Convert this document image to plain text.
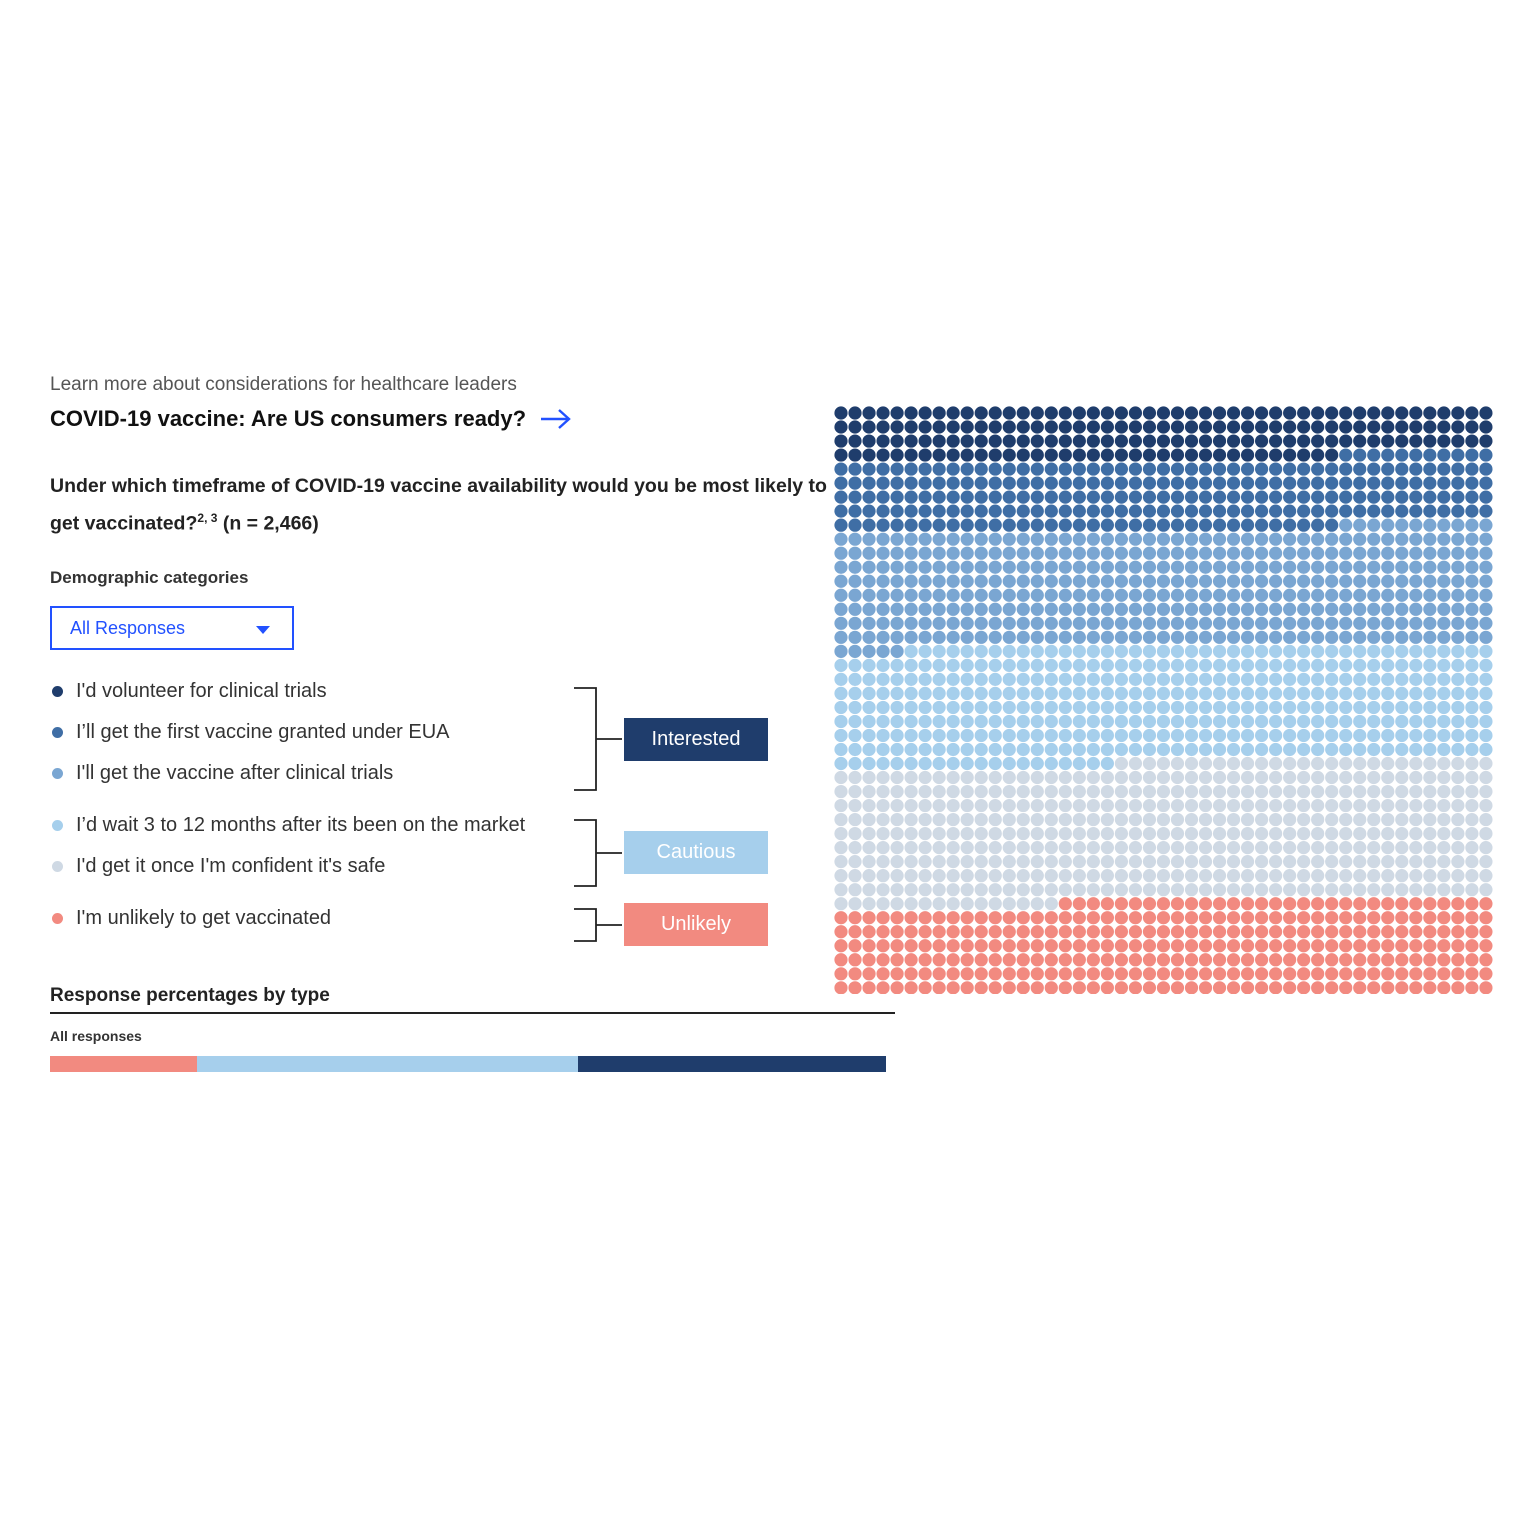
Learn more about considerations for healthcare leaders
COVID-19 vaccine: Are US consumers ready?
Under which timeframe of COVID-19 vaccine availability would you be most likely to get vaccinated?$^{2, 3}$ (n = 2,466)
Demographic categories
All Responses
I'd volunteer for clinical trials
I’ll get the first vaccine granted under EUA
I'll get the vaccine after clinical trials
I’d wait 3 to 12 months after its been on the market
I'd get it once I'm confident it's safe
I'm unlikely to get vaccinated
Interested
Cautious
Unlikely
Response percentages by type
All responses
